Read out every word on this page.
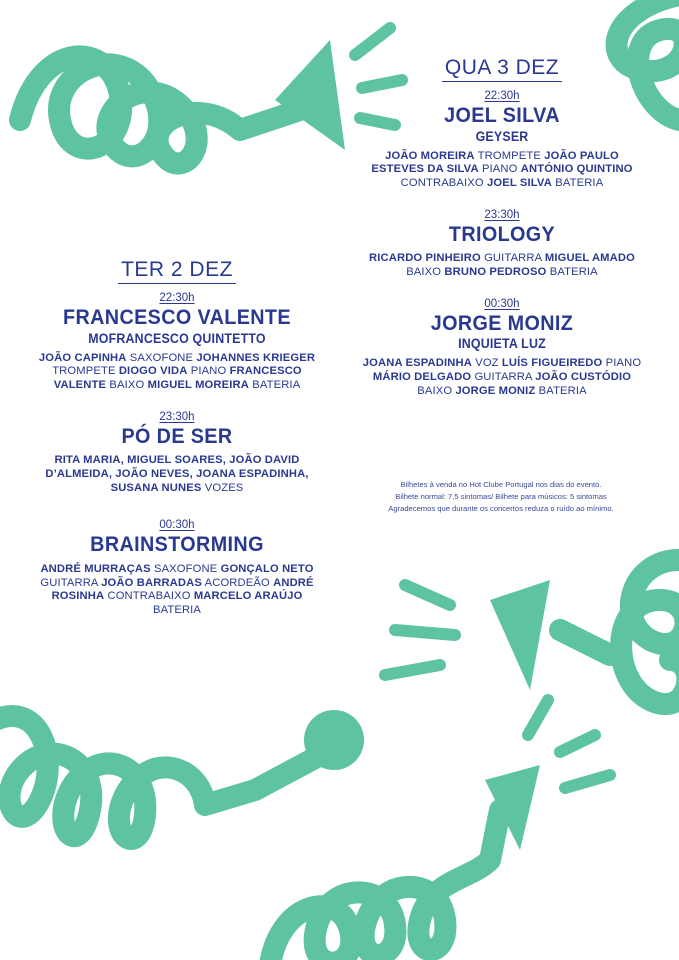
TER 2 DEZ
22:30h
FRANCESCO VALENTE
MOFRANCESCO QUINTETTO
JOÃO CAPINHA SAXOFONE JOHANNES KRIEGER TROMPETE DIOGO VIDA PIANO FRANCESCO VALENTE BAIXO MIGUEL MOREIRA BATERIA
23:30h
PÓ DE SER
RITA MARIA, MIGUEL SOARES, JOÃO DAVID D’ALMEIDA, JOÃO NEVES, JOANA ESPADINHA, SUSANA NUNES VOZES
00:30h
BRAINSTORMING
ANDRÉ MURRAÇAS SAXOFONE GONÇALO NETO GUITARRA JOÃO BARRADAS ACORDEÃO ANDRÉ ROSINHA CONTRABAIXO MARCELO ARAÚJO BATERIA
QUA 3 DEZ
22:30h
JOEL SILVA
GEYSER
JOÃO MOREIRA TROMPETE JOÃO PAULO ESTEVES DA SILVA PIANO ANTÓNIO QUINTINO CONTRABAIXO JOEL SILVA BATERIA
23:30h
TRIOLOGY
RICARDO PINHEIRO GUITARRA MIGUEL AMADO BAIXO BRUNO PEDROSO BATERIA
00:30h
JORGE MONIZ
INQUIETA LUZ
JOANA ESPADINHA VOZ LUÍS FIGUEIREDO PIANO MÁRIO DELGADO GUITARRA JOÃO CUSTÓDIO BAIXO JORGE MONIZ BATERIA
Bilhetes à venda no Hot Clube Portugal nos dias do evento.
Bilhete normal: 7,5 sintomas/ Bilhete para músicos: 5 sintomas
Agradecemos que durante os concertos reduza o ruído ao mínimo.
